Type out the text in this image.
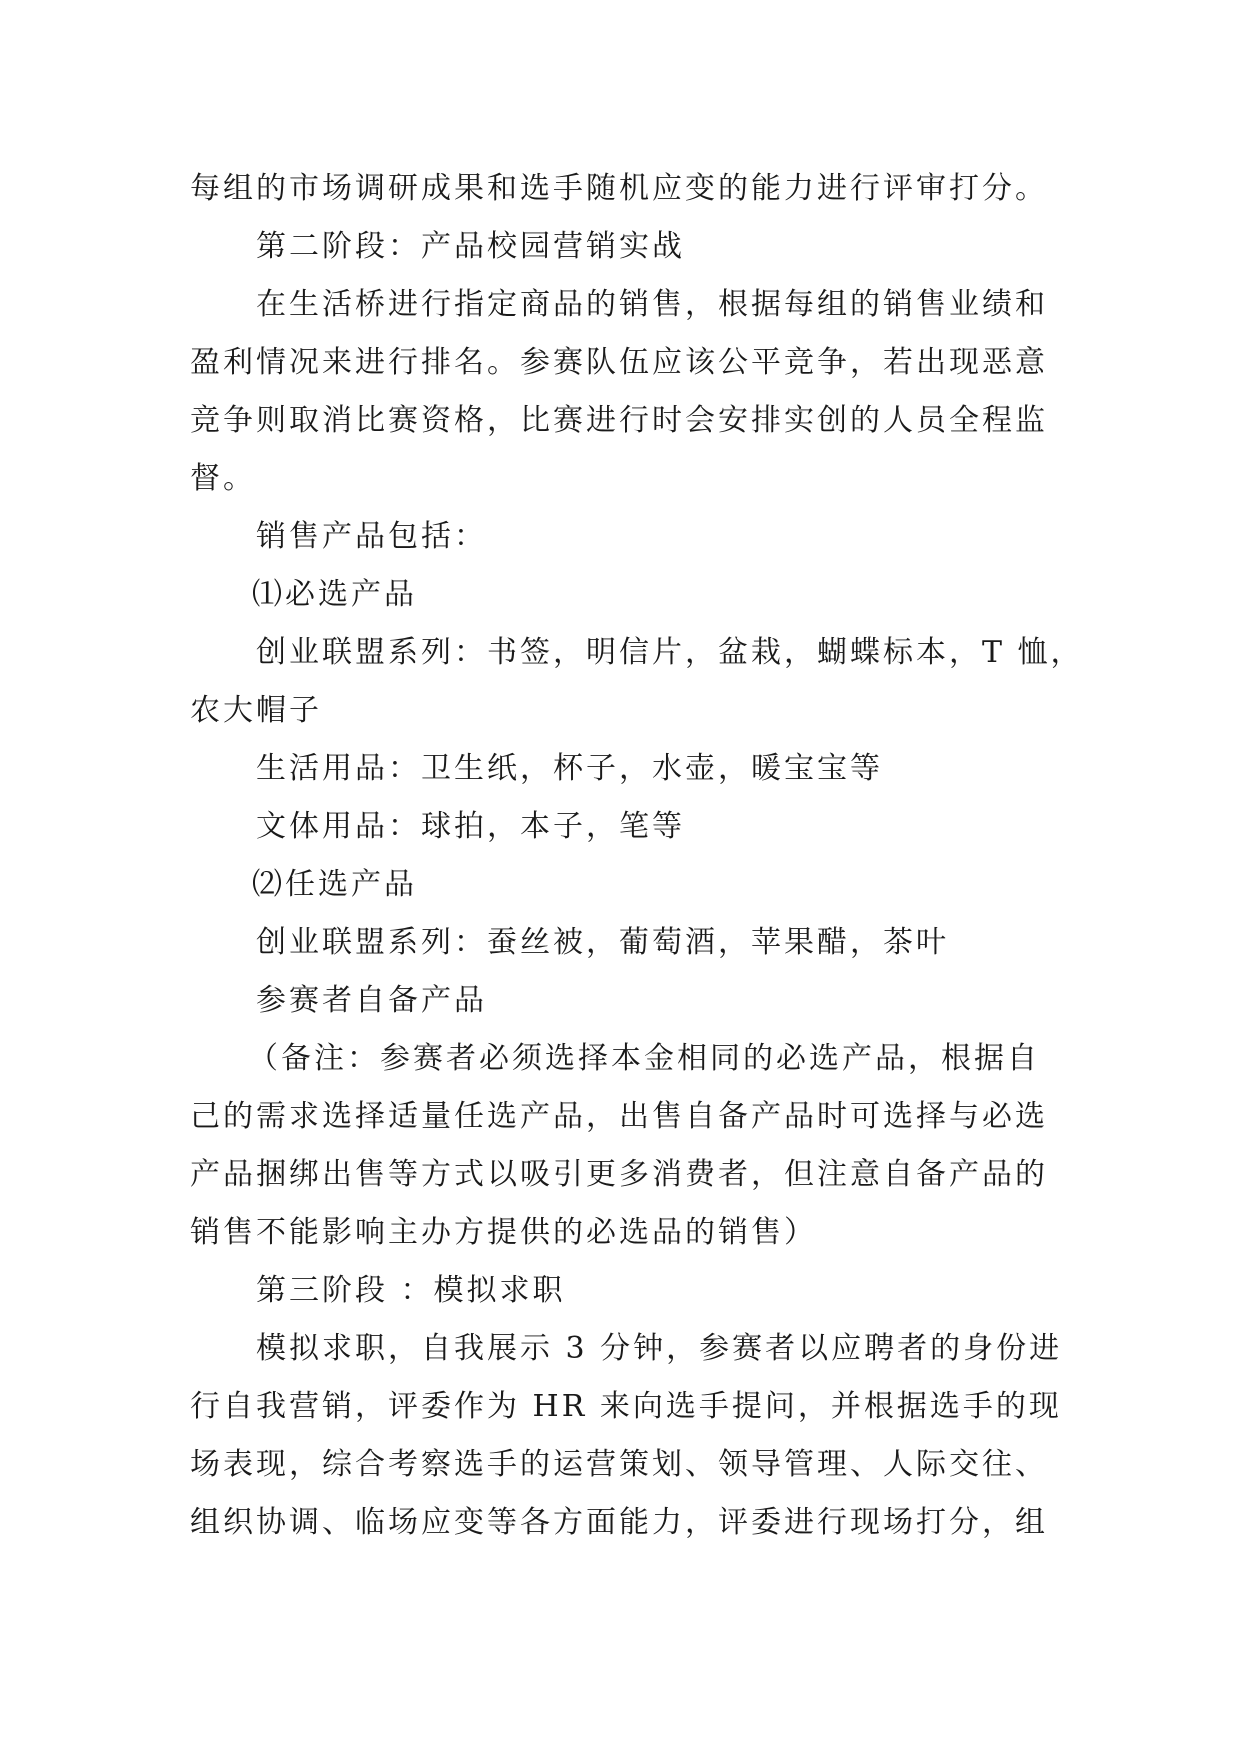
每组的市场调研成果和选手随机应变的能力进行评审打分。
第二阶段：产品校园营销实战
在生活桥进行指定商品的销售，根据每组的销售业绩和
盈利情况来进行排名。参赛队伍应该公平竞争，若出现恶意
竞争则取消比赛资格，比赛进行时会安排实创的人员全程监
督。
销售产品包括：
⑴必选产品
创业联盟系列：书签，明信片，盆栽，蝴蝶标本，T 恤，
农大帽子
生活用品：卫生纸，杯子，水壶，暖宝宝等
文体用品：球拍，本子，笔等
⑵任选产品
创业联盟系列：蚕丝被，葡萄酒，苹果醋，茶叶
参赛者自备产品
（备注：参赛者必须选择本金相同的必选产品，根据自
己的需求选择适量任选产品，出售自备产品时可选择与必选
产品捆绑出售等方式以吸引更多消费者，但注意自备产品的
销售不能影响主办方提供的必选品的销售）
第三阶段 ：模拟求职
模拟求职，自我展示 3 分钟，参赛者以应聘者的身份进
行自我营销，评委作为 HR 来向选手提问，并根据选手的现
场表现，综合考察选手的运营策划、领导管理、人际交往、
组织协调、临场应变等各方面能力，评委进行现场打分，组
